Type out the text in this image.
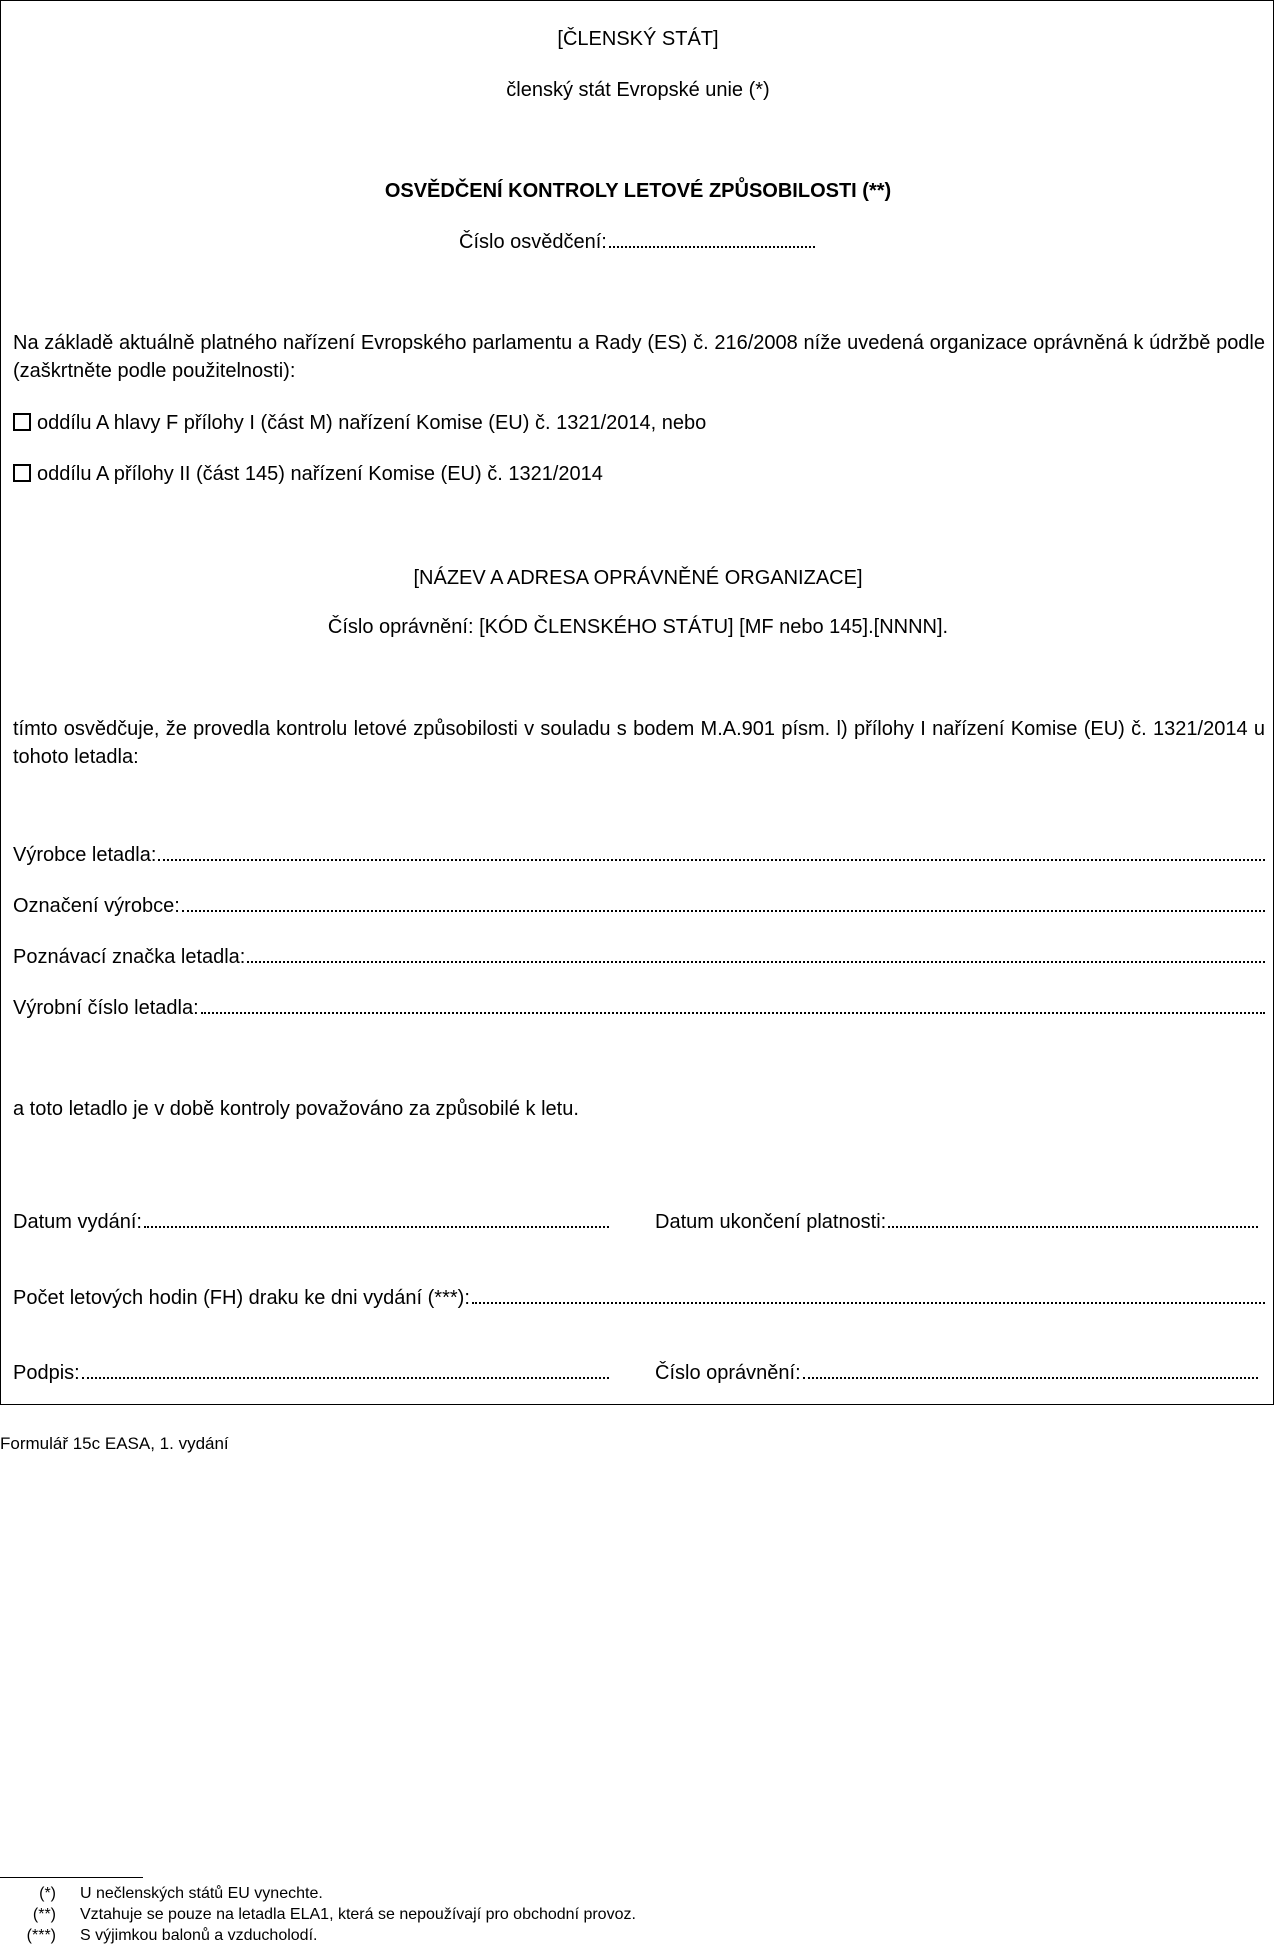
[ČLENSKÝ STÁT]
členský stát Evropské unie (*)
OSVĚDČENÍ KONTROLY LETOVÉ ZPŮSOBILOSTI (**)
Číslo osvědčení:
Na základě aktuálně platného nařízení Evropského parlamentu a Rady (ES) č. 216/2008 níže uvedená organizace oprávněná k údržbě podle (zaškrtněte podle použitelnosti):
oddílu A hlavy F přílohy I (část M) nařízení Komise (EU) č. 1321/2014, nebo
oddílu A přílohy II (část 145) nařízení Komise (EU) č. 1321/2014
[NÁZEV A ADRESA OPRÁVNĚNÉ ORGANIZACE]
Číslo oprávnění: [KÓD ČLENSKÉHO STÁTU] [MF nebo 145].[NNNN].
tímto osvědčuje, že provedla kontrolu letové způsobilosti v souladu s bodem M.A.901 písm. l) přílohy I nařízení Komise (EU) č. 1321/2014 u tohoto letadla:
Výrobce letadla:
Označení výrobce:
Poznávací značka letadla:
Výrobní číslo letadla:
a toto letadlo je v době kontroly považováno za způsobilé k letu.
Datum vydání:	Datum ukončení platnosti:
Počet letových hodin (FH) draku ke dni vydání (***):
Podpis:	Číslo oprávnění:
Formulář 15c EASA, 1. vydání
(*) U nečlenských států EU vynechte.
(**) Vztahuje se pouze na letadla ELA1, která se nepoužívají pro obchodní provoz.
(***) S výjimkou balonů a vzducholodí.
